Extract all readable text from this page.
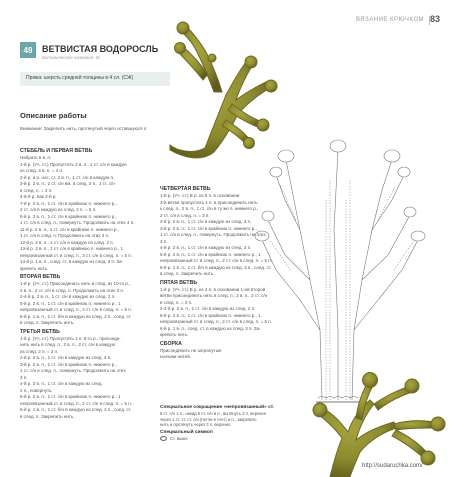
ВЯЗАНИЕ КРЮЧКОМ 83
49	ВЕТВИСТАЯ ВОДОРОСЛЬ
Ботаническое название: М
Пряжа: шерсть средней толщины в 4 сл. (СЖ)
Описание работы
Внимание: Закрепить нить, протянутый через оставшуюся п.
СТЕБЕЛЬ И ПЕРВАЯ ВЕТВЬ
Набрать 5 в. п.
1-й р. (Уч. ст.) Пропустить 2 в. п., 1 ст. с/н в каждую
из след. 3 в. п. = 4 п.
2-й р. и р. нос. ст. 2 в. п., 1 ст. с/н в каждую п.
3-й р. 2 в. п., 2 ст. с/н вм. в след. 2 п., 1 ст. с/н
в след. п. = 3 п.
4-6-й р. Как 2-й р.
7-й р. 2 в. п., 1 ст. с/н в крайнюю п. нижнего р.,
2 ст. с/н в каждую из след. 2 п. = 5 п.
8-й р. 2 в. п., 1 ст. с/н в крайнюю п. нижнего р.,
1 ст. с/н в след. п., повернуть. Продолжить на этих 4 п.
11-й р. 2 в. п., 1 ст. с/н в крайнюю п. нижнего р.,
1 ст. с/н в след. п. Продолжить на этих 3 п.
12-й р. 2 в. п., 1 ст. с/н в каждую из след. 2 п.
13-й р. 2 в. п., 1 ст. с/н в крайнюю п. нижнего р., 1
непровязанный ст. в след. п., 3 ст. с/н в след. п. = 5 п.
14-й р. 1 в. п., соед. ст. в каждую из след. 3 п. За-
крепить нить.
ВТОРАЯ ВЕТВЬ
1-й р. (Уч. ст.) Присоединить нить в след. из 10-го р.,
2 в. п., 2 ст. с/н в след. п. Продолжить на этих 3 п.
2-4-й р. 2 в. п., 1 ст. с/н в каждую из след. 2 п.
5-й р. 2 в. п., 1 ст. с/н в крайнюю п. нижнего р., 1
непровязанный ст. в след. п., 2 ст. с/н в след. п. = 5 п.
6-й р. 1 в. п., 1 ст. б/н в каждую из след. 3 п., соед. ст.
в след. п. Закрепить нить.
ТРЕТЬЯ ВЕТВЬ
1-й р. (Уч. ст.) Пропустить 1 п. 8-го р., присоеди-
нить нить в след. п., 2 в. п., 2 ст. с/н в каждую
из след. 2 п. = 3 п.
2-й р. 2 в. п., 1 ст. с/н в каждую из след. 4 п.
3-й р. 2 в. п., 1 ст. с/н в крайнюю п. нижнего р.,
1 ст. с/н в след. п., повернуть. Продолжить на этих
3 п.
4-й р. 2 в. п., 1 ст. с/н в каждую из след.
2 п., повернуть.
5-й р. 2 в. п., 1 ст. с/н в крайнюю п. нижнего р., 1
непровязанный ст. в след. п., 2 ст. с/н в след. п. = 5 п.
6-й р. 1 в. п., 1 ст. б/н в каждую из след. 2 п., соед. ст.
в след. п. Закрепить нить.
ЧЕТВЕРТАЯ ВЕТВЬ
1-й р. (Уч. ст.) В р. из 5 п. в основании
3-й ветви пропустить 1 п. и присоединить нить
к след. п., 2 в. п., 1 ст. с/н в ту же п. нижнего р.,
2 ст. с/н в след. п. = 3 п.
2-й р. 2 в. п., 1 ст. с/н в каждую из след. 3 п.
3-й р. 2 в. п., 1 ст. с/н в крайнюю п. нижнего р.,
1 ст. с/н в след. п., повернуть. Продолжить на этих
3 п.
4-й р. 2 в. п., 1 ст. с/н в каждую из след. 2 п.
5-й р. 2 в. п., 1 ст. с/н в крайнюю п. нижнего р., 1
непровязанный ст. в след. п., 2 ст. с/н в след. п. = 5 п.
6-й р. 1 в. п., 1 ст. б/н в каждую из след. 3 п., соед. ст.
в след. п. Закрепить нить.
ПЯТАЯ ВЕТВЬ
1-й р. (Уч. ст.) В р. из 4 п. в основании 1-ей второй
ветви присоединить нить в след. п., 2 в. п., 2 ст. с/н
в след. п. = 3 п.
2-4-й р. 2 в. п., 1 ст. с/н в каждую из след. 2 п.
5-й р. 2 в. п., 1 ст. с/н в крайнюю п. нижнего р., 1
непровязанный ст. в след. п., 2 ст. с/н в след. п. = 5 п.
6-й р. 1 в. п., соед. ст. в каждую из след. 3 п. За-
крепить нить.
СБОРКА
Присоединить не затронутые
кончики нитей.
Специальное сокращение «непровязанный» ст.
5 ст. с/н 1 п., накид 5 ст. с/н в п., вытянуть 3 п. верхнее
через 1 ст. ст. ст. с/н (петли в счет) и п., закрепить
нить и протянуть через 3 п. верхних.
Специальный символ
Ст. выше
http://sudaruchka.com/
